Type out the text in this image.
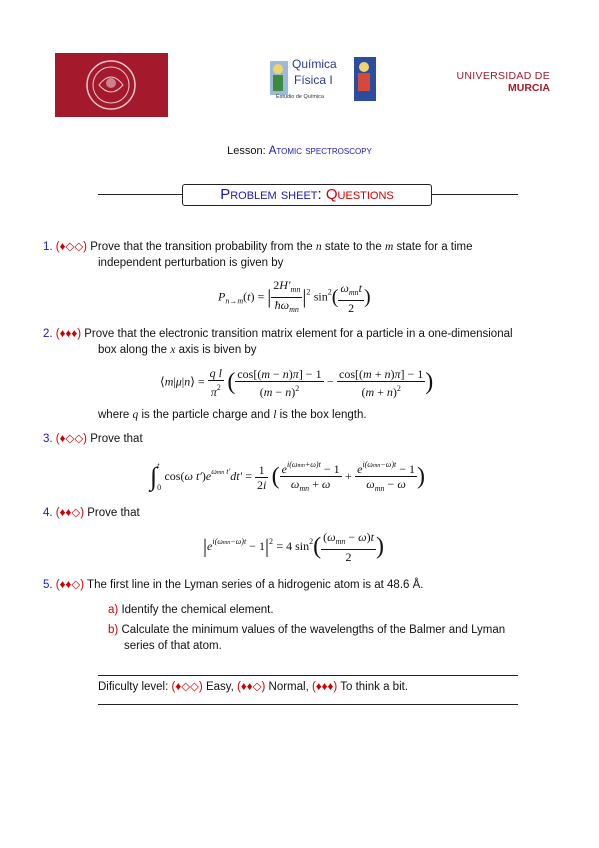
Química
Física I
Estudio de Química
UNIVERSIDAD DE
MURCIA
Lesson: Atomic spectroscopy
Problem sheet: Questions
1. (♦◇◇) Prove that the transition probability from the n state to the m state for a time
independent perturbation is given by
$P_{n\to m}(t)$ = | $\frac{2H'_{mn}}{ħ\omega_{mn}} |^2$ $\sin^2( \frac{\omega_{mn}t}{2}$ )
2. (♦♦♦) Prove that the electronic transition matrix element for a particle in a one-dimensional
box along the x axis is biven by
⟨m|μ|n⟩ = $\frac{\text{q l}}{\pi^2}$ ( $\frac{\cos[(m - n)\pi] - 1}{(m - n)^2} - \frac{\cos[(m + n)\pi] - 1}{(m + n)^2}$ )
where q is the particle charge and l is the box length.
3. (♦◇◇) Prove that
∫ t
0
cos(ω $t')e^{\omega mn t'}dt' = \frac{1}{2i}$ ( $\frac{e^{i(\omega mn+\omega)t} - 1}{\omega_{mn} + \omega} + \frac{e^{i(\omega mn-\omega)t} - 1}{\omega_{mn} - \omega}$ )
4. (♦♦◇) Prove that
$|e^{i(\omega mn-\omega)t} - 1|^2 = 4$ $\sin^2( \frac{(\omega_{mn} - \omega)t}{2}$ )
5. (♦♦◇) The first line in the Lyman series of a hidrogenic atom is at 48.6 Å.
a) Identify the chemical element.
b) Calculate the minimum values of the wavelengths of the Balmer and Lyman
series of that atom.
Dificulty level: (♦◇◇) Easy, (♦♦◇) Normal, (♦♦♦) To think a bit.
